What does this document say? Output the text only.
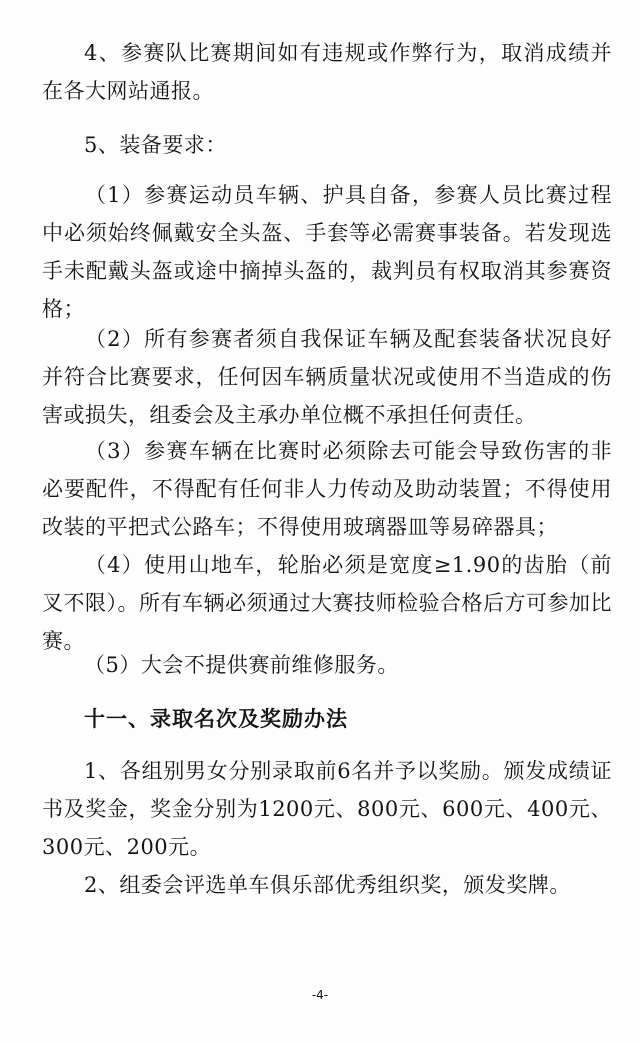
4、参赛队比赛期间如有违规或作弊行为，取消成绩并在各大网站通报。

5、装备要求：

（1）参赛运动员车辆、护具自备，参赛人员比赛过程中必须始终佩戴安全头盔、手套等必需赛事装备。若发现选手未配戴头盔或途中摘掉头盔的，裁判员有权取消其参赛资格；

（2）所有参赛者须自我保证车辆及配套装备状况良好并符合比赛要求，任何因车辆质量状况或使用不当造成的伤害或损失，组委会及主承办单位概不承担任何责任。

（3）参赛车辆在比赛时必须除去可能会导致伤害的非必要配件，不得配有任何非人力传动及助动装置；不得使用改装的平把式公路车；不得使用玻璃器皿等易碎器具；

（4）使用山地车，轮胎必须是宽度≥1.90的齿胎（前叉不限）。所有车辆必须通过大赛技师检验合格后方可参加比赛。

（5）大会不提供赛前维修服务。

十一、录取名次及奖励办法

1、各组别男女分别录取前6名并予以奖励。颁发成绩证书及奖金，奖金分别为1200元、800元、600元、400元、300元、200元。

2、组委会评选单车俱乐部优秀组织奖，颁发奖牌。

-4-
